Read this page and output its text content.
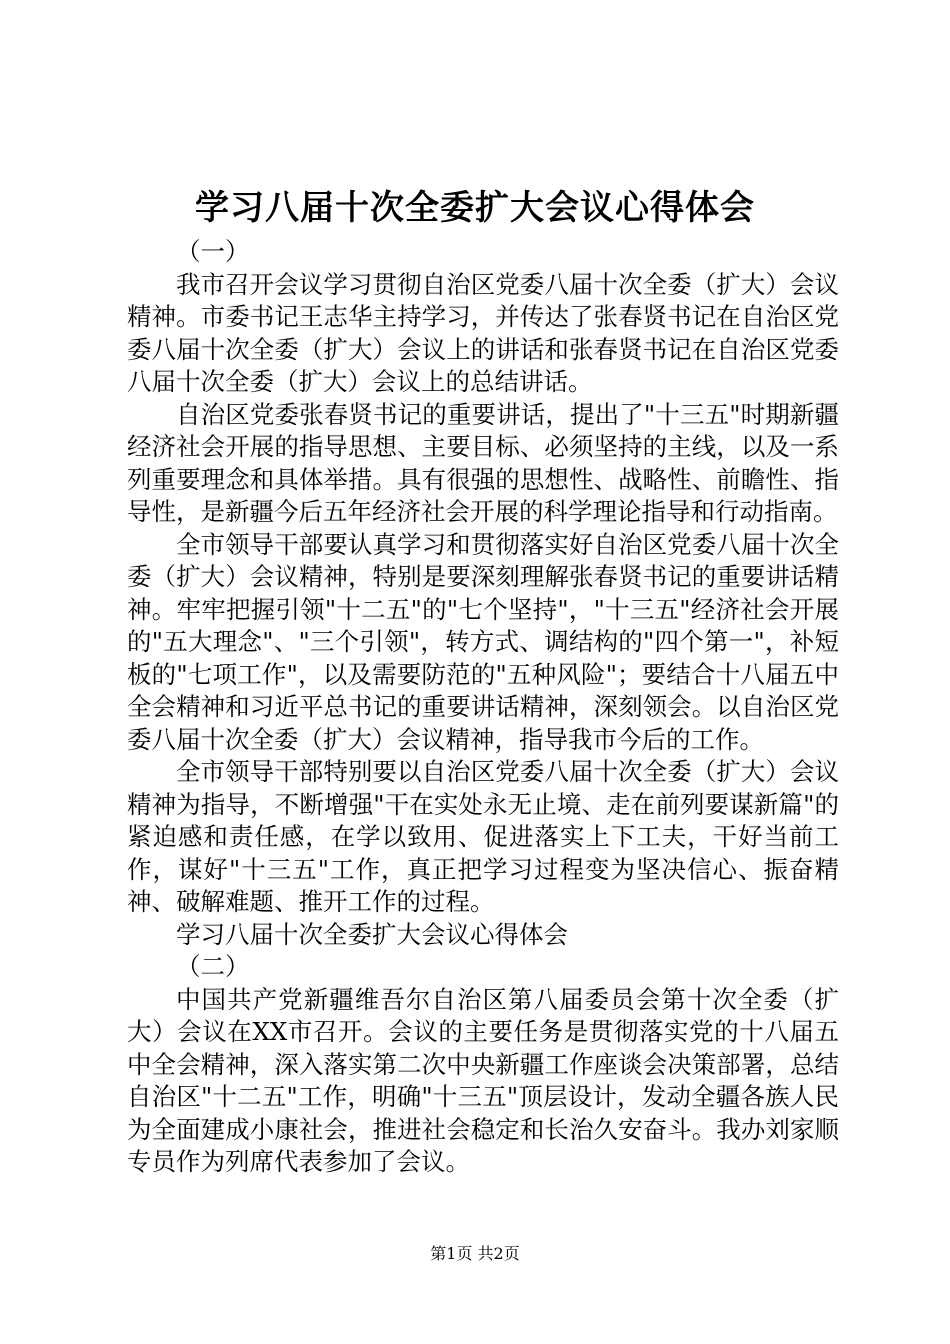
学习八届十次全委扩大会议心得体会

（一）

我市召开会议学习贯彻自治区党委八届十次全委（扩大）会议精神。市委书记王志华主持学习，并传达了张春贤书记在自治区党委八届十次全委（扩大）会议上的讲话和张春贤书记在自治区党委八届十次全委（扩大）会议上的总结讲话。

自治区党委张春贤书记的重要讲话，提出了"十三五"时期新疆经济社会开展的指导思想、主要目标、必须坚持的主线，以及一系列重要理念和具体举措。具有很强的思想性、战略性、前瞻性、指导性，是新疆今后五年经济社会开展的科学理论指导和行动指南。

全市领导干部要认真学习和贯彻落实好自治区党委八届十次全委（扩大）会议精神，特别是要深刻理解张春贤书记的重要讲话精神。牢牢把握引领"十二五"的"七个坚持"，"十三五"经济社会开展的"五大理念"、"三个引领"，转方式、调结构的"四个第一"，补短板的"七项工作"，以及需要防范的"五种风险"；要结合十八届五中全会精神和习近平总书记的重要讲话精神，深刻领会。以自治区党委八届十次全委（扩大）会议精神，指导我市今后的工作。

全市领导干部特别要以自治区党委八届十次全委（扩大）会议精神为指导，不断增强"干在实处永无止境、走在前列要谋新篇"的紧迫感和责任感，在学以致用、促进落实上下工夫，干好当前工作，谋好"十三五"工作，真正把学习过程变为坚决信心、振奋精神、破解难题、推开工作的过程。

学习八届十次全委扩大会议心得体会

（二）

中国共产党新疆维吾尔自治区第八届委员会第十次全委（扩大）会议在XX市召开。会议的主要任务是贯彻落实党的十八届五中全会精神，深入落实第二次中央新疆工作座谈会决策部署，总结自治区"十二五"工作，明确"十三五"顶层设计，发动全疆各族人民为全面建成小康社会，推进社会稳定和长治久安奋斗。我办刘家顺专员作为列席代表参加了会议。

第1页 共2页
